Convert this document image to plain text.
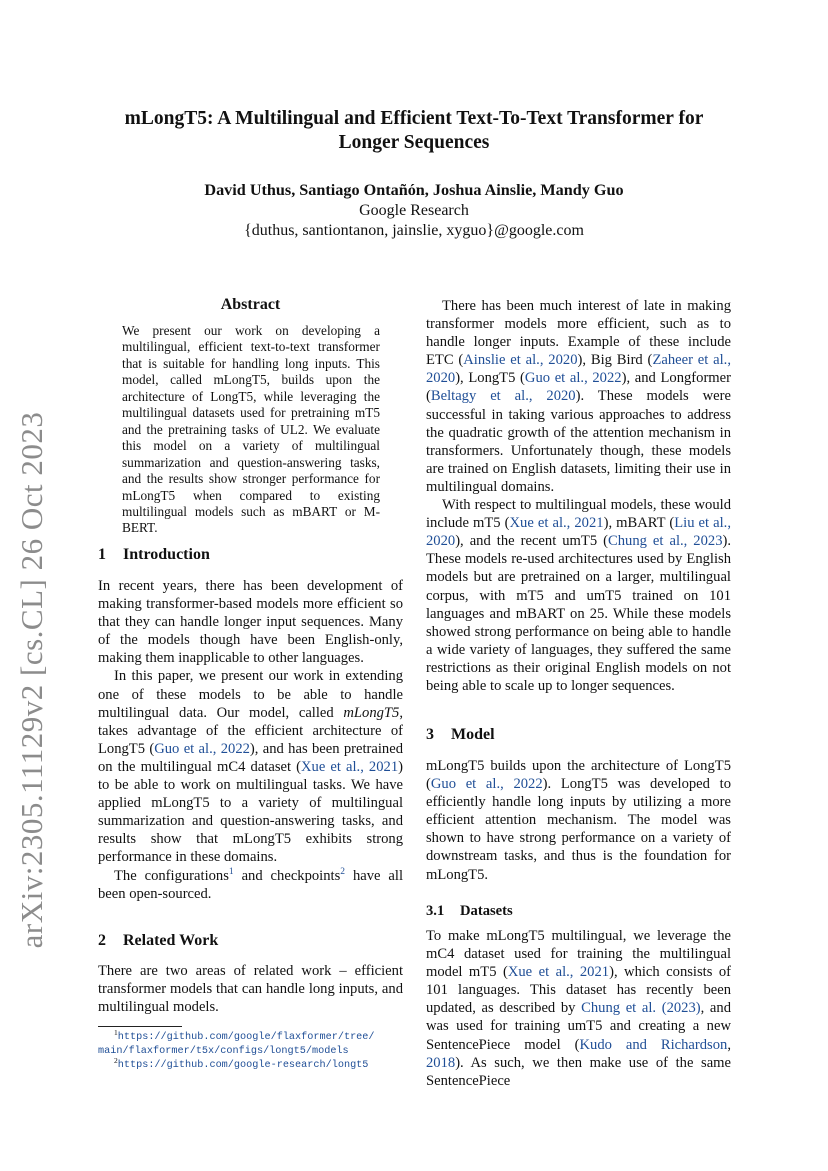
arXiv:2305.11129v2 [cs.CL] 26 Oct 2023
mLongT5: A Multilingual and Efficient Text-To-Text Transformer for
Longer Sequences
David Uthus, Santiago Ontañón, Joshua Ainslie, Mandy Guo
Google Research
{duthus, santiontanon, jainslie, xyguo}@google.com
Abstract
We present our work on developing a multilingual, efficient text-to-text transformer that is suitable for handling long inputs. This model, called mLongT5, builds upon the architecture of LongT5, while leveraging the multilingual datasets used for pretraining mT5 and the pretraining tasks of UL2. We evaluate this model on a variety of multilingual summarization and question-answering tasks, and the results show stronger performance for mLongT5 when compared to existing multilingual models such as mBART or M-BERT.
1 Introduction

In recent years, there has been development of making transformer-based models more efficient so that they can handle longer input sequences. Many of the models though have been English-only, making them inapplicable to other languages.

In this paper, we present our work in extending one of these models to be able to handle multilingual data. Our model, called mLongT5, takes advantage of the efficient architecture of LongT5 (Guo et al., 2022), and has been pretrained on the multilingual mC4 dataset (Xue et al., 2021) to be able to work on multilingual tasks. We have applied mLongT5 to a variety of multilingual summarization and question-answering tasks, and results show that mLongT5 exhibits strong performance in these domains.

The configurations$^1$ and checkpoints$^2$ have all been open-sourced.

2 Related Work

There are two areas of related work – efficient transformer models that can handle long inputs, and multilingual models.

$^1$https://github.com/google/flaxformer/tree/
main/flaxformer/t5x/configs/longt5/models
$^2$https://github.com/google-research/longt5

There has been much interest of late in making transformer models more efficient, such as to handle longer inputs. Example of these include ETC (Ainslie et al., 2020), Big Bird (Zaheer et al., 2020), LongT5 (Guo et al., 2022), and Longformer (Beltagy et al., 2020). These models were successful in taking various approaches to address the quadratic growth of the attention mechanism in transformers. Unfortunately though, these models are trained on English datasets, limiting their use in multilingual domains.

With respect to multilingual models, these would include mT5 (Xue et al., 2021), mBART (Liu et al., 2020), and the recent umT5 (Chung et al., 2023). These models re-used architectures used by English models but are pretrained on a larger, multilingual corpus, with mT5 and umT5 trained on 101 languages and mBART on 25. While these models showed strong performance on being able to handle a wide variety of languages, they suffered the same restrictions as their original English models on not being able to scale up to longer sequences.

3 Model

mLongT5 builds upon the architecture of LongT5 (Guo et al., 2022). LongT5 was developed to efficiently handle long inputs by utilizing a more efficient attention mechanism. The model was shown to have strong performance on a variety of downstream tasks, and thus is the foundation for mLongT5.

3.1 Datasets

To make mLongT5 multilingual, we leverage the mC4 dataset used for training the multilingual model mT5 (Xue et al., 2021), which consists of 101 languages. This dataset has recently been updated, as described by Chung et al. (2023), and was used for training umT5 and creating a new SentencePiece model (Kudo and Richardson, 2018). As such, we then make use of the same SentencePiece
